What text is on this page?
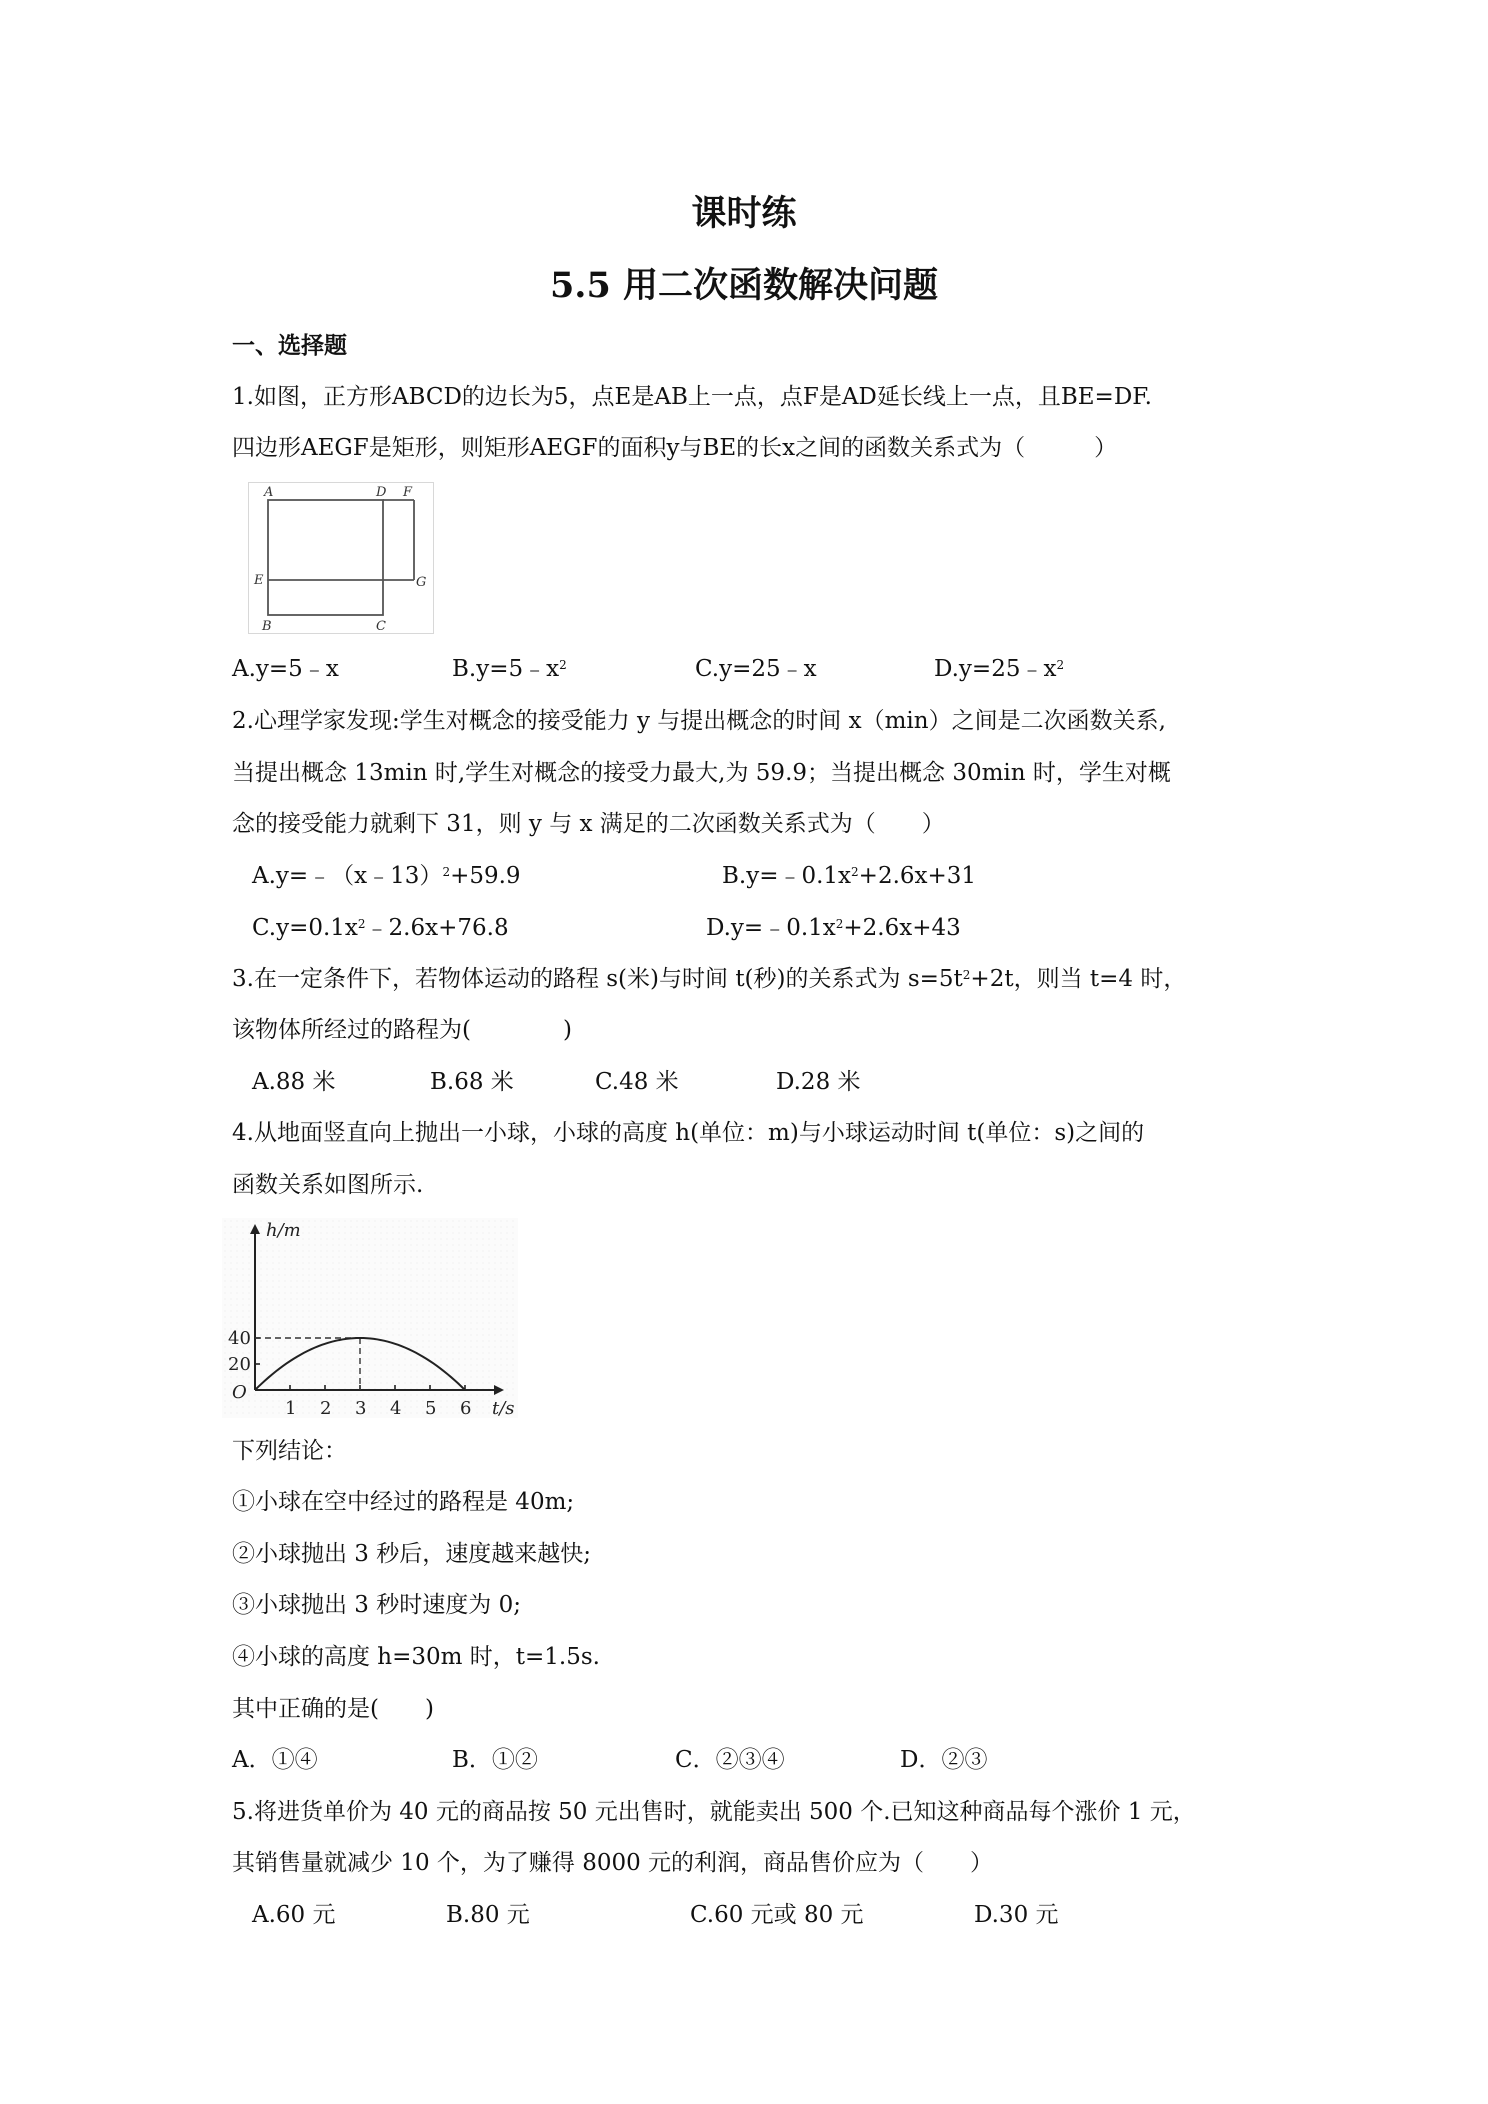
课时练
5.5 用二次函数解决问题
一、选择题
1.如图，正方形ABCD的边长为5，点E是AB上一点，点F是AD延长线上一点，且BE=DF.
四边形AEGF是矩形，则矩形AEGF的面积y与BE的长x之间的函数关系式为（　　　）
A	D F
E	G
B	C
A.y=5﹣x	$B.y=5﹣x^2$	C.y=25﹣x	$D.y=25﹣x^2$
2.心理学家发现:学生对概念的接受能力 y 与提出概念的时间 x（min）之间是二次函数关系,
当提出概念 13min 时,学生对概念的接受力最大,为 59.9；当提出概念 30min 时，学生对概
念的接受能力就剩下 31，则 y 与 x 满足的二次函数关系式为（　　）
A.y=﹣（x﹣13）$^2$+59.9	$B.y=﹣0.1x^2+2.6x+31$
$C.y=0.1x^2﹣2.6x+76.8$	$D.y=﹣0.1x^2+2.6x+43$
3.在一定条件下，若物体运动的路程 s(米)与时间 t(秒)的关系式为 $s=5t^2+2t$，则当 t=4 时，
该物体所经过的路程为(　　　　)
A.88 米	B.68 米	C.48 米	D.28 米
4.从地面竖直向上抛出一小球，小球的高度 h(单位：m)与小球运动时间 t(单位：s)之间的
函数关系如图所示.
h/m
t/s
O
1 2 3 4 5 6
20
40
下列结论：
①小球在空中经过的路程是 40m;
②小球抛出 3 秒后，速度越来越快;
③小球抛出 3 秒时速度为 0;
④小球的高度 h=30m 时，t=1.5s.
其中正确的是(　　)
A．①④	B．①②	C．②③④	D．②③
5.将进货单价为 40 元的商品按 50 元出售时，就能卖出 500 个.已知这种商品每个涨价 1 元，
其销售量就减少 10 个，为了赚得 8000 元的利润，商品售价应为（　　）
A.60 元	B.80 元	C.60 元或 80 元	D.30 元
